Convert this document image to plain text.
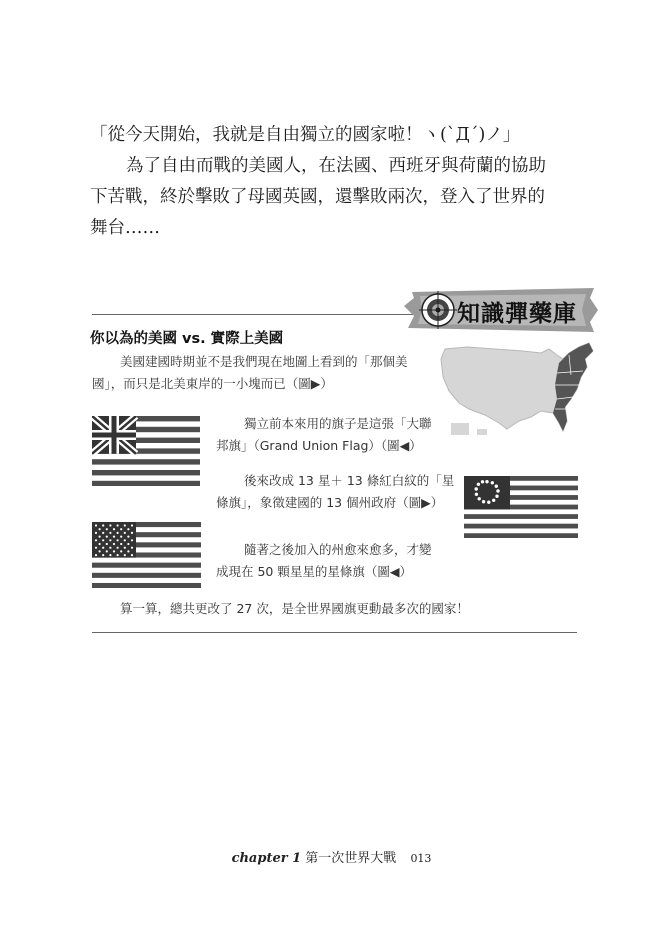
「從今天開始，我就是自由獨立的國家啦！ヽ(`Д´)ノ」

為了自由而戰的美國人，在法國、西班牙與荷蘭的協助

下苦戰，終於擊敗了母國英國，還擊敗兩次，登入了世界的

舞台……

知識彈藥庫
你以為的美國 vs. 實際上美國
美國建國時期並不是我們現在地圖上看到的「那個美
國」，而只是北美東岸的一小塊而已（圖▶）
獨立前本來用的旗子是這張「大聯
邦旗」（Grand Union Flag）（圖◀）
後來改成 13 星＋ 13 條紅白紋的「星
條旗」，象徵建國的 13 個州政府（圖▶）
隨著之後加入的州愈來愈多，才變
成現在 50 顆星星的星條旗（圖◀）
算一算，總共更改了 27 次，是全世界國旗更動最多次的國家！
chapter 1 第一次世界大戰 013
